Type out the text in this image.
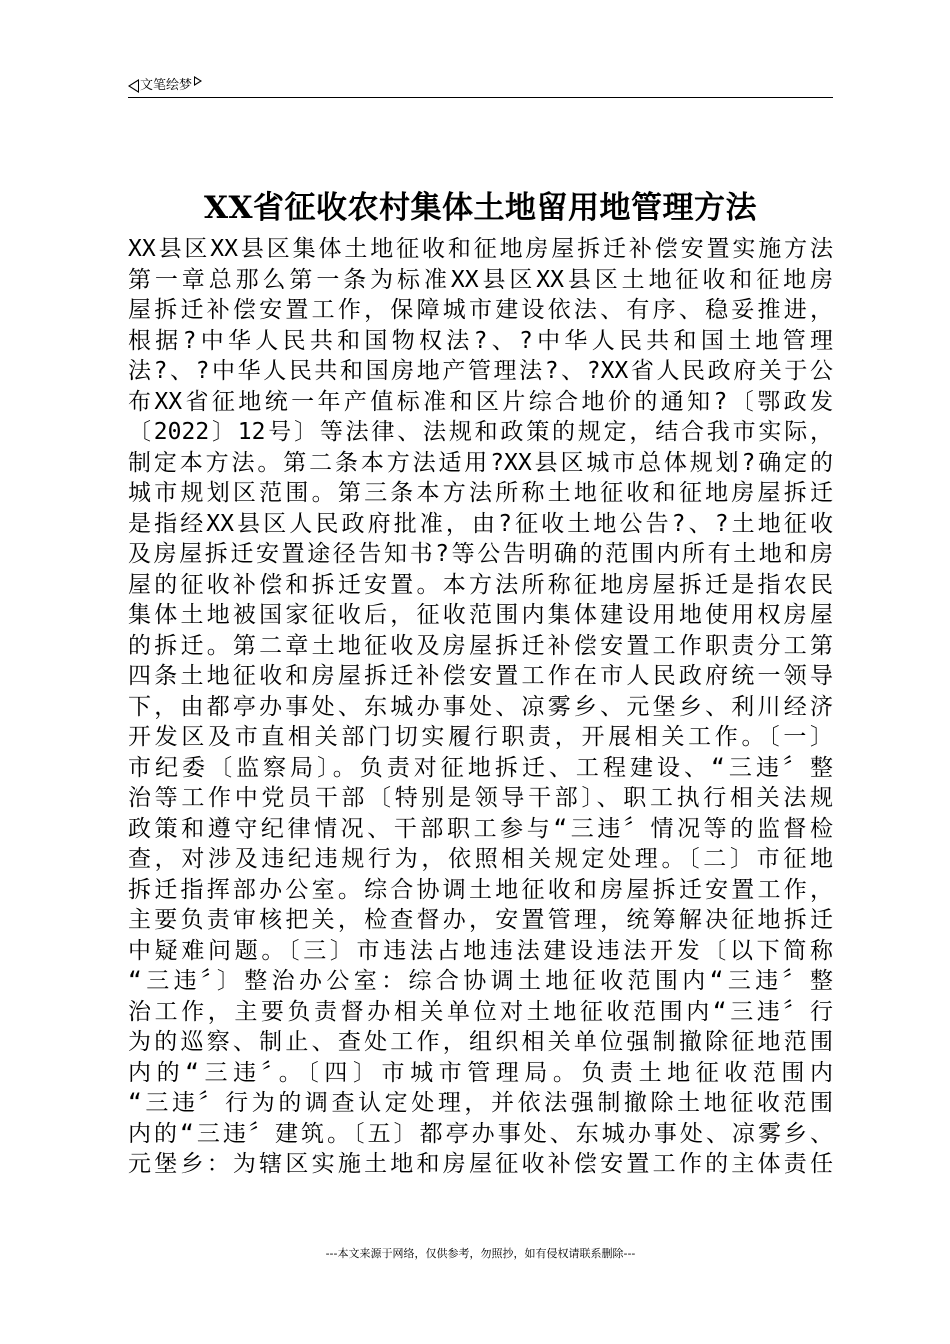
文笔绘梦
XX省征收农村集体土地留用地管理方法
XX县区XX县区集体土地征收和征地房屋拆迁补偿安置实施方法
第一章总那么第一条为标准XX县区XX县区土地征收和征地房
屋拆迁补偿安置工作，保障城市建设依法、有序、稳妥推进，
根据?中华人民共和国物权法?、?中华人民共和国土地管理
法?、?中华人民共和国房地产管理法?、?XX省人民政府关于公
布XX省征地统一年产值标准和区片综合地价的通知?〔鄂政发
〔2022〕12号〕等法律、法规和政策的规定，结合我市实际，
制定本方法。第二条本方法适用?XX县区城市总体规划?确定的
城市规划区范围。第三条本方法所称土地征收和征地房屋拆迁
是指经XX县区人民政府批准，由?征收土地公告?、?土地征收
及房屋拆迁安置途径告知书?等公告明确的范围内所有土地和房
屋的征收补偿和拆迁安置。本方法所称征地房屋拆迁是指农民
集体土地被国家征收后，征收范围内集体建设用地使用权房屋
的拆迁。第二章土地征收及房屋拆迁补偿安置工作职责分工第
四条土地征收和房屋拆迁补偿安置工作在市人民政府统一领导
下，由都亭办事处、东城办事处、凉雾乡、元堡乡、利川经济
开发区及市直相关部门切实履行职责，开展相关工作。〔一〕
市纪委〔监察局〕。负责对征地拆迁、工程建设、“三违〞整
治等工作中党员干部〔特别是领导干部〕、职工执行相关法规
政策和遵守纪律情况、干部职工参与“三违〞情况等的监督检
查，对涉及违纪违规行为，依照相关规定处理。〔二〕市征地
拆迁指挥部办公室。综合协调土地征收和房屋拆迁安置工作，
主要负责审核把关，检查督办，安置管理，统筹解决征地拆迁
中疑难问题。〔三〕市违法占地违法建设违法开发〔以下简称
“三违〞〕整治办公室：综合协调土地征收范围内“三违〞整
治工作，主要负责督办相关单位对土地征收范围内“三违〞行
为的巡察、制止、查处工作，组织相关单位强制撤除征地范围
内的“三违〞。〔四〕市城市管理局。负责土地征收范围内
“三违〞行为的调查认定处理，并依法强制撤除土地征收范围
内的“三违〞建筑。〔五〕都亭办事处、东城办事处、凉雾乡、
元堡乡：为辖区实施土地和房屋征收补偿安置工作的主体责任
---本文来源于网络，仅供参考，勿照抄，如有侵权请联系删除---
